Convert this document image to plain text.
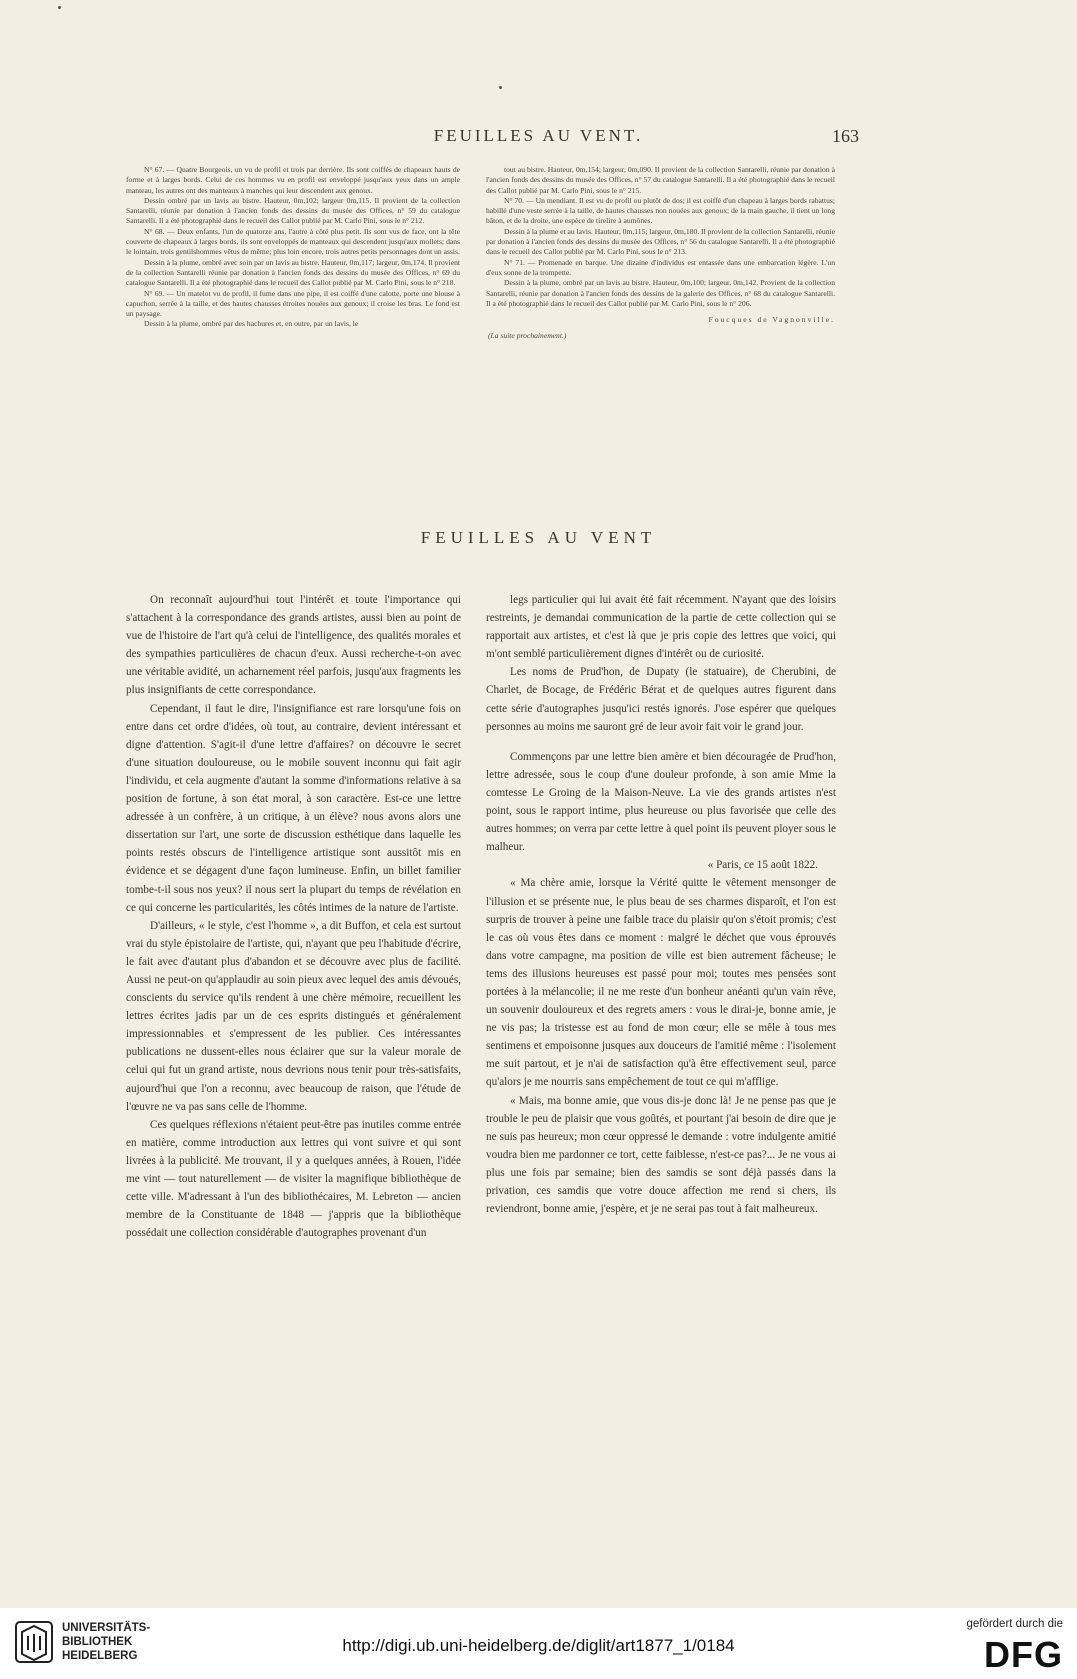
FEUILLES AU VENT.	163

N° 67. — Quatre Bourgeois, un vu de profil et trois par derrière. Ils sont coiffés de chapeaux hauts de forme et à larges bords. Celui de ces hommes vu en profil est enveloppé jusqu'aux yeux dans un ample manteau, les autres ont des manteaux à manches qui leur descendent aux genoux.

Dessin ombré par un lavis au bistre. Hauteur, 0m,102; largeur 0m,115. Il provient de la collection Santarelli, réunie par donation à l'ancien fonds des dessins du musée des Offices, n° 59 du catalogue Santarelli. Il a été photographié dans le recueil des Callot publié par M. Carlo Pini, sous le n° 212.

N° 68. — Deux enfants, l'un de quatorze ans, l'autre à côté plus petit. Ils sont vus de face, ont la tête couverte de chapeaux à larges bords, ils sont enveloppés de manteaux qui descendent jusqu'aux mollets; dans le lointain, trois gentilshommes vêtus de même; plus loin encore, trois autres petits personnages dont un assis.

Dessin à la plume, ombré avec soin par un lavis au bistre. Hauteur, 0m,117; largeur, 0m,174. Il provient de la collection Santarelli réunie par donation à l'ancien fonds des dessins du musée des Offices, n° 69 du catalogue Santarelli. Il a été photographié dans le recueil des Callot publié par M. Carlo Pini, sous le n° 218.

N° 69. — Un matelot vu de profil, il fume dans une pipe, il est coiffé d'une calotte, porte une blouse à capuchon, serrée à la taille, et des hautes chausses étroites nouées aux genoux; il croise les bras. Le fond est un paysage.

Dessin à la plume, ombré par des hachures et, en outre, par un lavis, le

tout au bistre. Hauteur, 0m,154; largeur, 0m,090. Il provient de la collection Santarelli, réunie par donation à l'ancien fonds des dessins du musée des Offices, n° 57 du catalogue Santarelli. Il a été photographié dans le recueil des Callot publié par M. Carlo Pini, sous le n° 215.

N° 70. — Un mendiant. Il est vu de profil ou plutôt de dos; il est coiffé d'un chapeau à larges bords rabattus; habillé d'une veste serrée à la taille, de hautes chausses non nouées aux genoux; de la main gauche, il tient un long bâton, et de la droite, une espèce de tirelire à aumônes.

Dessin à la plume et au lavis. Hauteur, 0m,115; largeur, 0m,180. Il provient de la collection Santarelli, réunie par donation à l'ancien fonds des dessins du musée des Offices, n° 56 du catalogue Santarelli. Il a été photographié dans le recueil des Callot publié par M. Carlo Pini, sous le n° 213.

N° 71. — Promenade en barque. Une dizaine d'individus est entassée dans une embarcation légère. L'un d'eux sonne de la trompette.

Dessin à la plume, ombré par un lavis au bistre. Hauteur, 0m,100; largeur, 0m,142. Provient de la collection Santarelli, réunie par donation à l'ancien fonds des dessins de la galerie des Offices, n° 68 du catalogue Santarelli. Il a été photographié dans le recueil des Callot publié par M. Carlo Pini, sous le n° 206.

Foucques de Vagnonville.

(La suite prochainement.)

FEUILLES AU VENT

On reconnaît aujourd'hui tout l'intérêt et toute l'importance qui s'attachent à la correspondance des grands artistes, aussi bien au point de vue de l'histoire de l'art qu'à celui de l'intelligence, des qualités morales et des sympathies particulières de chacun d'eux. Aussi recherche-t-on avec une véritable avidité, un acharnement réel parfois, jusqu'aux fragments les plus insignifiants de cette correspondance.

Cependant, il faut le dire, l'insignifiance est rare lorsqu'une fois on entre dans cet ordre d'idées, où tout, au contraire, devient intéressant et digne d'attention. S'agit-il d'une lettre d'affaires? on découvre le secret d'une situation douloureuse, ou le mobile souvent inconnu qui fait agir l'individu, et cela augmente d'autant la somme d'informations relative à sa position de fortune, à son état moral, à son caractère. Est-ce une lettre adressée à un confrère, à un critique, à un élève? nous avons alors une dissertation sur l'art, une sorte de discussion esthétique dans laquelle les points restés obscurs de l'intelligence artistique sont aussitôt mis en évidence et se dégagent d'une façon lumineuse. Enfin, un billet familier tombe-t-il sous nos yeux? il nous sert la plupart du temps de révélation en ce qui concerne les particularités, les côtés intimes de la nature de l'artiste.

D'ailleurs, « le style, c'est l'homme », a dit Buffon, et cela est surtout vrai du style épistolaire de l'artiste, qui, n'ayant que peu l'habitude d'écrire, le fait avec d'autant plus d'abandon et se découvre avec plus de facilité. Aussi ne peut-on qu'applaudir au soin pieux avec lequel des amis dévoués, conscients du service qu'ils rendent à une chère mémoire, recueillent les lettres écrites jadis par un de ces esprits distingués et généralement impressionnables et s'empressent de les publier. Ces intéressantes publications ne dussent-elles nous éclairer que sur la valeur morale de celui qui fut un grand artiste, nous devrions nous tenir pour très-satisfaits, aujourd'hui que l'on a reconnu, avec beaucoup de raison, que l'étude de l'œuvre ne va pas sans celle de l'homme.

Ces quelques réflexions n'étaient peut-être pas inutiles comme entrée en matière, comme introduction aux lettres qui vont suivre et qui sont livrées à la publicité. Me trouvant, il y a quelques années, à Rouen, l'idée me vint — tout naturellement — de visiter la magnifique bibliothèque de cette ville. M'adressant à l'un des bibliothécaires, M. Lebreton — ancien membre de la Constituante de 1848 — j'appris que la bibliothèque possédait une collection considérable d'autographes provenant d'un

legs particulier qui lui avait été fait récemment. N'ayant que des loisirs restreints, je demandai communication de la partie de cette collection qui se rapportait aux artistes, et c'est là que je pris copie des lettres que voici, qui m'ont semblé particulièrement dignes d'intérêt ou de curiosité.

Les noms de Prud'hon, de Dupaty (le statuaire), de Cherubini, de Charlet, de Bocage, de Frédéric Bérat et de quelques autres figurent dans cette série d'autographes jusqu'ici restés ignorés. J'ose espérer que quelques personnes au moins me sauront gré de leur avoir fait voir le grand jour.

Commençons par une lettre bien amère et bien découragée de Prud'hon, lettre adressée, sous le coup d'une douleur profonde, à son amie Mme la comtesse Le Groing de la Maison-Neuve. La vie des grands artistes n'est point, sous le rapport intime, plus heureuse ou plus favorisée que celle des autres hommes; on verra par cette lettre à quel point ils peuvent ployer sous le malheur.

« Paris, ce 15 août 1822.

« Ma chère amie, lorsque la Vérité quitte le vêtement mensonger de l'illusion et se présente nue, le plus beau de ses charmes disparoît, et l'on est surpris de trouver à peine une faible trace du plaisir qu'on s'étoit promis; c'est le cas où vous êtes dans ce moment : malgré le déchet que vous éprouvés dans votre campagne, ma position de ville est bien autrement fâcheuse; le tems des illusions heureuses est passé pour moi; toutes mes pensées sont portées à la mélancolie; il ne me reste d'un bonheur anéanti qu'un vain rêve, un souvenir douloureux et des regrets amers : vous le dirai-je, bonne amie, je ne vis pas; la tristesse est au fond de mon cœur; elle se mêle à tous mes sentimens et empoisonne jusques aux douceurs de l'amitié même : l'isolement me suit partout, et je n'ai de satisfaction qu'à être effectivement seul, parce qu'alors je me nourris sans empêchement de tout ce qui m'afflige.

« Mais, ma bonne amie, que vous dis-je donc là! Je ne pense pas que je trouble le peu de plaisir que vous goûtés, et pourtant j'ai besoin de dire que je ne suis pas heureux; mon cœur oppressé le demande : votre indulgente amitié voudra bien me pardonner ce tort, cette faiblesse, n'est-ce pas?... Je ne vous ai plus une fois par semaine; bien des samdis se sont déjà passés dans la privation, ces samdis que votre douce affection me rend si chers, ils reviendront, bonne amie, j'espère, et je ne serai pas tout à fait malheureux.

UNIVERSITÄTS-
BIBLIOTHEK
HEIDELBERG
http://digi.ub.uni-heidelberg.de/diglit/art1877_1/0184
gefördert durch die
DFG
